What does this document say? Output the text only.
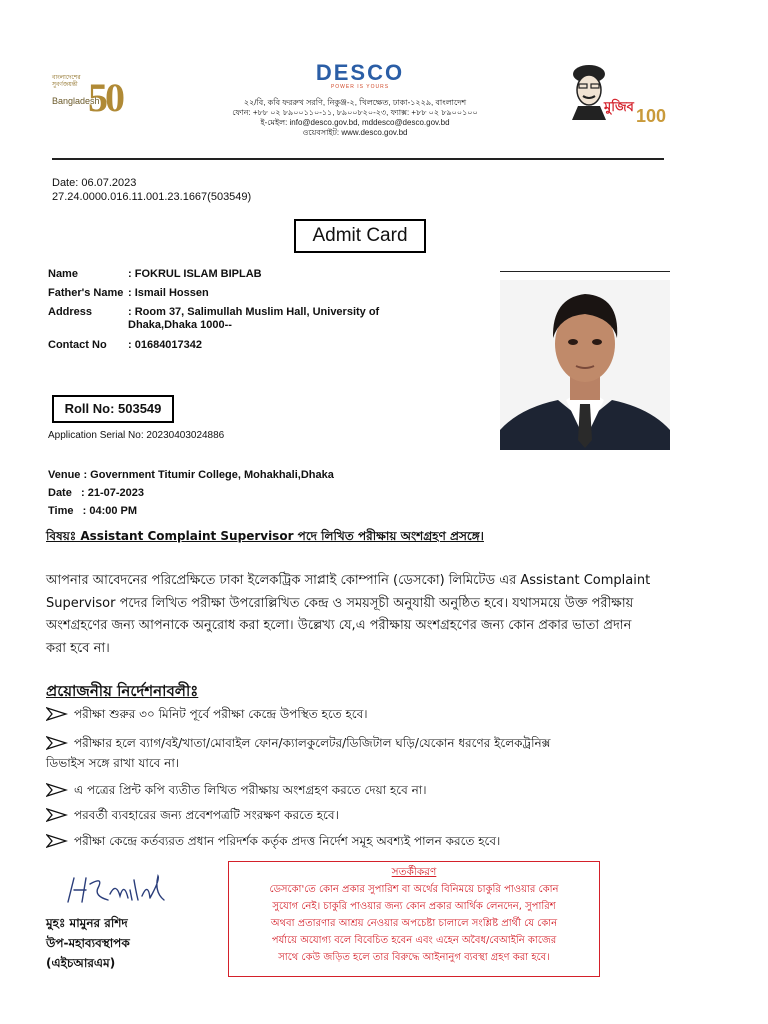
বাংলাদেশের সুবর্ণজয়ন্তী
Bangladesh
50
DESCO
POWER IS YOURS
২২/বি, কবি ফররুখ সরণি, নিকুঞ্জ-২, খিলক্ষেত, ঢাকা-১২২৯, বাংলাদেশ
ফোন: +৮৮ ০২ ৮৯০০১১০-১১, ৮৯০০৮২০-২৩, ফ্যাক্স: +৮৮ ০২ ৮৯০০১০০
ই-মেইল: info@desco.gov.bd, mddesco@desco.gov.bd
ওয়েবসাইট: www.desco.gov.bd
মুজিব 100
Date: 06.07.2023
27.24.0000.016.11.001.23.1667(503549)
Admit Card
Name	: FOKRUL ISLAM BIPLAB
Father's Name : Ismail Hossen
Address	: Room 37, Salimullah Muslim Hall, University of Dhaka,Dhaka 1000--
Contact No	: 01684017342
Roll No: 503549
Application Serial No: 20230403024886
Venue : Government Titumir College, Mohakhali,Dhaka
Date   : 21-07-2023
Time   : 04:00 PM
বিষয়ঃ Assistant Complaint Supervisor পদে লিখিত পরীক্ষায় অংশগ্রহণ প্রসঙ্গে।
আপনার আবেদনের পরিপ্রেক্ষিতে ঢাকা ইলেকট্রিক সাপ্লাই কোম্পানি (ডেসকো) লিমিটেড এর Assistant Complaint
Supervisor পদের লিখিত পরীক্ষা উপরোল্লিখিত কেন্দ্র ও সময়সূচী অনুযায়ী অনুষ্ঠিত হবে। যথাসময়ে উক্ত পরীক্ষায়
অংশগ্রহণের জন্য আপনাকে অনুরোধ করা হলো। উল্লেখ্য যে,এ পরীক্ষায় অংশগ্রহণের জন্য কোন প্রকার ভাতা প্রদান
করা হবে না।
প্রয়োজনীয় নির্দেশনাবলীঃ
পরীক্ষা শুরুর ৩০ মিনিট পূর্বে পরীক্ষা কেন্দ্রে উপস্থিত হতে হবে।
পরীক্ষার হলে ব্যাগ/বই/খাতা/মোবাইল ফোন/ক্যালকুলেটর/ডিজিটাল ঘড়ি/যেকোন ধরণের ইলেকট্রনিক্স
ডিভাইস সঙ্গে রাখা যাবে না।
এ পত্রের প্রিন্ট কপি ব্যতীত লিখিত পরীক্ষায় অংশগ্রহণ করতে দেয়া হবে না।
পরবর্তী ব্যবহারের জন্য প্রবেশপত্রটি সংরক্ষণ করতে হবে।
পরীক্ষা কেন্দ্রে কর্তব্যরত প্রধান পরিদর্শক কর্তৃক প্রদত্ত নির্দেশ সমূহ অবশ্যই পালন করতে হবে।
মুহঃ মামুনর রশিদ
উপ-মহাব্যবস্থাপক
(এইচআরএম)
সতর্কীকরণ
ডেসকো'তে কোন প্রকার সুপারিশ বা অর্থের বিনিময়ে চাকুরি পাওয়ার কোন
সুযোগ নেই। চাকুরি পাওয়ার জন্য কোন প্রকার আর্থিক লেনদেন, সুপারিশ
অথবা প্রতারণার আশ্রয় নেওয়ার অপচেষ্টা চালালে সংশ্লিষ্ট প্রার্থী যে কোন
পর্যায়ে অযোগ্য বলে বিবেচিত হবেন এবং এহেন অবৈধ/বেআইনি কাজের
সাথে কেউ জড়িত হলে তার বিরুদ্ধে আইনানুগ ব্যবস্থা গ্রহণ করা হবে।
